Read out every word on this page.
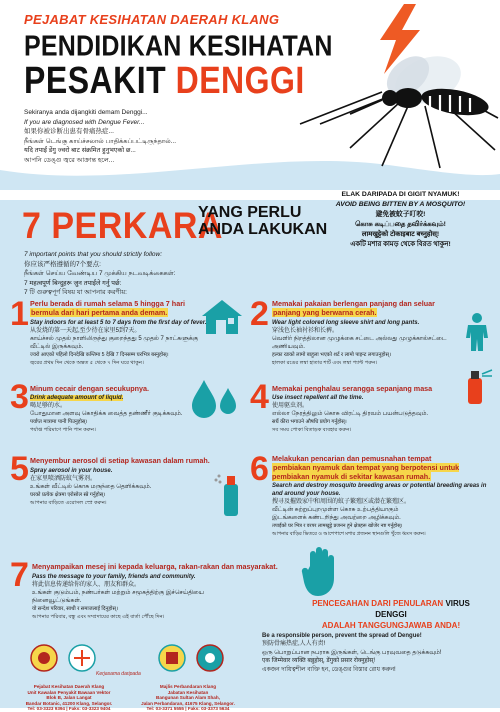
PEJABAT KESIHATAN DAERAH KLANG
PENDIDIKAN KESIHATAN
PESAKIT DENGGI
Sekiranya anda dijangkiti demam Denggi...
If you are diagnosed with Dengue Fever...
如果你被诊断出患有骨痛热症...
நீங்கள் டெங்கு காய்ச்சலால் பாதிக்கப்பட்டிருந்தால்...
यदि तपाईं डेंगु ज्वरो बाट संक्रमित हुनुभएको छ...
আপনি ডেঙ্গু জ্বরে আক্রান্ত হলে...
7 PERKARA
YANG PERLU
ANDA LAKUKAN
7 important points that you should strictly follow:
你应该严格遵循的7个要点:
நீங்கள் செய்ய வேண்டிய 7 முக்கிய நடவடிக்கைகள்:
7 महत्वपूर्ण बिन्दुहरू जुन तपाईंले गर्नु पर्छ:
7 টি গুরুত্বপূর্ণ বিষয় যা আপনার করণীয়:
ELAK DARIPADA DI GIGIT NYAMUK!
AVOID BEING BITTEN BY A MOSQUITO!
避免被蚊子叮咬!
கொசு கடிப்பதை தவிர்க்கவும்!
लामखुट्टेको टोकाइबाट बच्नुहोस्!
একটি মশার কামড় থেকে বিরত থাকুন!
1 Perlu berada di rumah selama 5 hingga 7 hari
bermula dari hari pertama anda demam.
Stay indoors for at least 5 to 7 days from the first day of fever.
从发烧的第一天起,至少待在家里5到7天。
காய்ச்சல் முதல் நாளிலிருந்து குறைந்தது 5 முதல் 7 நாட்களுக்கு
வீட்டில் இருக்கவும்.
ज्वरो आएको पहिलो दिनदेखि कम्तिमा 5 देखि 7 दिनसम्म घरभित्र बस्नुहोस्।
জ্বরের প্রথম দিন থেকে অন্তত ৫ থেকে ৭ দিন ঘরে থাকুন।
2 Memakai pakaian berlengan panjang dan seluar
panjang yang berwarna cerah.
Wear light colored long sleeve shirt and long pants.
穿浅色长袖衬衫和长裤。
வெளிர் நிறத்திலான முழுக்கை சட்டை அல்லது முழுக்கால்சட்டை
அணியவும்.
हल्का रङको लामो बाहुला भएको शर्ट र लामो पाइन्ट लगाउनुहोस्।
হালকা রঙের লম্বা হাতার শার্ট এবং লম্বা প্যান্ট পরুন।
3 Minum cecair dengan secukupnya.
Drink adequate amount of liquid.
喝足够的水。
போதுமான அளவு கொதிக்க வைத்த தண்ணீர் குடிக்கவும்.
पर्याप्त मात्रामा पानी पिउनुहोस्।
পর্যাপ্ত পরিমাণে পানি পান করুন।
4 Memakai penghalau serangga sepanjang masa
Use insect repellent all the time.
使用驱虫剂。
எல்லா நேரத்திலும் கொசு விரட்டி திரவம் பயன்படுத்தவும்.
सधैं कीरा भगाउने औषधि प्रयोग गर्नुहोस्।
সব সময় পোকা বিতাড়ক ব্যবহার করুন।
5 Menyembur aerosol di setiap kawasan dalam rumah.
Spray aerosol in your house.
在家里喷洒防蚊气雾剂。
உங்கள் வீட்டில் கொசு மருந்தை தெளிக்கவும்.
घरको प्रत्येक क्षेत्रमा एरोसोल स्प्रे गर्नुहोस्।
আপনার বাড়িতে এরোসল স্প্রে করুন।
6 Melakukan pencarian dan pemusnahan tempat
pembiakan nyamuk dan tempat yang berpotensi untuk pembiakan nyamuk di sekitar kawasan rumah.
Search and destroy mosquito breeding areas or potential breeding areas in and around your house.
搜寻及摧毁家中和周围的蚊子繁殖区或潜在繁殖区。
வீட்டின் சுற்றுப்புறமுள்ள கொசு உற்பத்தியாகும்
இடங்களைக் கண்டறிந்து அவற்றை அழிக்கவும்.
तपाईंको घर भित्र र वरपर लामखुट्टे प्रजनन हुने क्षेत्रहरू खोजेर नष्ट गर्नुहोस्।
আপনার বাড়ির ভিতরে ও আশেপাশে মশার প্রজনন স্থানগুলি খুঁজে ধ্বংস করুন।
7 Menyampaikan mesej ini kepada keluarga, rakan-rakan dan masyarakat.
Pass the message to your family, friends and community.
将此信息传递给你的家人、朋友和群众。
உங்கள் குடும்பம், நண்பர்கள் மற்றும் சமூகத்திற்கு இச்செய்தியை
நினைவூட்டுங்கள்.
यो सन्देश परिवार, साथी र समाजलाई दिनुहोस्।
আপনার পরিবার, বন্ধু এবং সম্প্রদায়ের কাছে এই বার্তা পৌঁছে দিন।
PENCEGAHAN DARI PENULARAN VIRUS DENGGI
ADALAH TANGGUNGJAWAB ANDA!
Be a responsible person, prevent the spread of Dengue!
预防骨痛热症,人人有责!
ஒரு பொறுப்பான நபராக இருங்கள், டெங்கு பரவுவதை தடுக்கவும்!
एक जिम्मेवार व्यक्ति बन्नुहोस्, डेंगुको प्रसार रोक्नुहोस्!
একজন দায়িত্বশীল ব্যক্তি হন, ডেঙ্গুর বিস্তার রোধ করুন!
Kerjasama daripada
Pejabat Kesihatan Daerah Klang
Unit Kawalan Penyakit Bawaan Vektor
Blok B, Jalan Langat
Bandar Botanic, 41200 Klang, Selangor.
Tel: 03-3323 9394 | Faks: 03-3323 9404
Majlis Perbandaran Klang
Jabatan Kesihatan
Bangunan Sultan Alam Shah,
Jalan Perbandaran, 41675 Klang, Selangor.
Tel: 03-3371 5555 | Faks: 03-3373 5634
